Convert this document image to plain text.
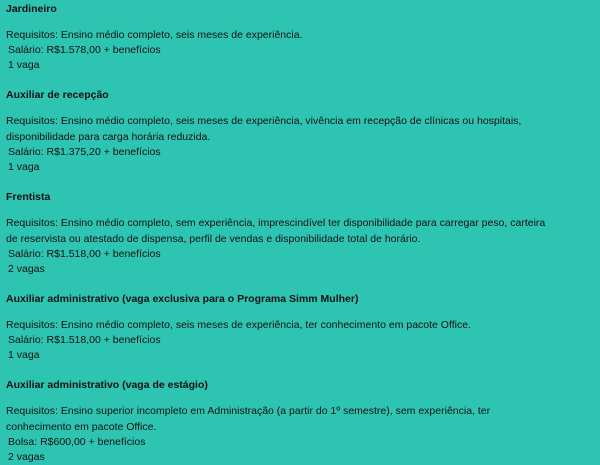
Jardineiro

Requisitos: Ensino médio completo, seis meses de experiência.

Salário: R$1.578,00 + benefícios

1 vaga

Auxiliar de recepção

Requisitos: Ensino médio completo, seis meses de experiência, vivência em recepção de clínicas ou hospitais, disponibilidade para carga horária reduzida.

Salário: R$1.375,20 + benefícios

1 vaga

Frentista

Requisitos: Ensino médio completo, sem experiência, imprescindível ter disponibilidade para carregar peso, carteira de reservista ou atestado de dispensa, perfil de vendas e disponibilidade total de horário.

Salário: R$1.518,00 + benefícios

2 vagas

Auxiliar administrativo (vaga exclusiva para o Programa Simm Mulher)

Requisitos: Ensino médio completo, seis meses de experiência, ter conhecimento em pacote Office.

Salário: R$1.518,00 + benefícios

1 vaga

Auxiliar administrativo (vaga de estágio)

Requisitos: Ensino superior incompleto em Administração (a partir do 1º semestre), sem experiência, ter conhecimento em pacote Office.

Bolsa: R$600,00 + benefícios

2 vagas
